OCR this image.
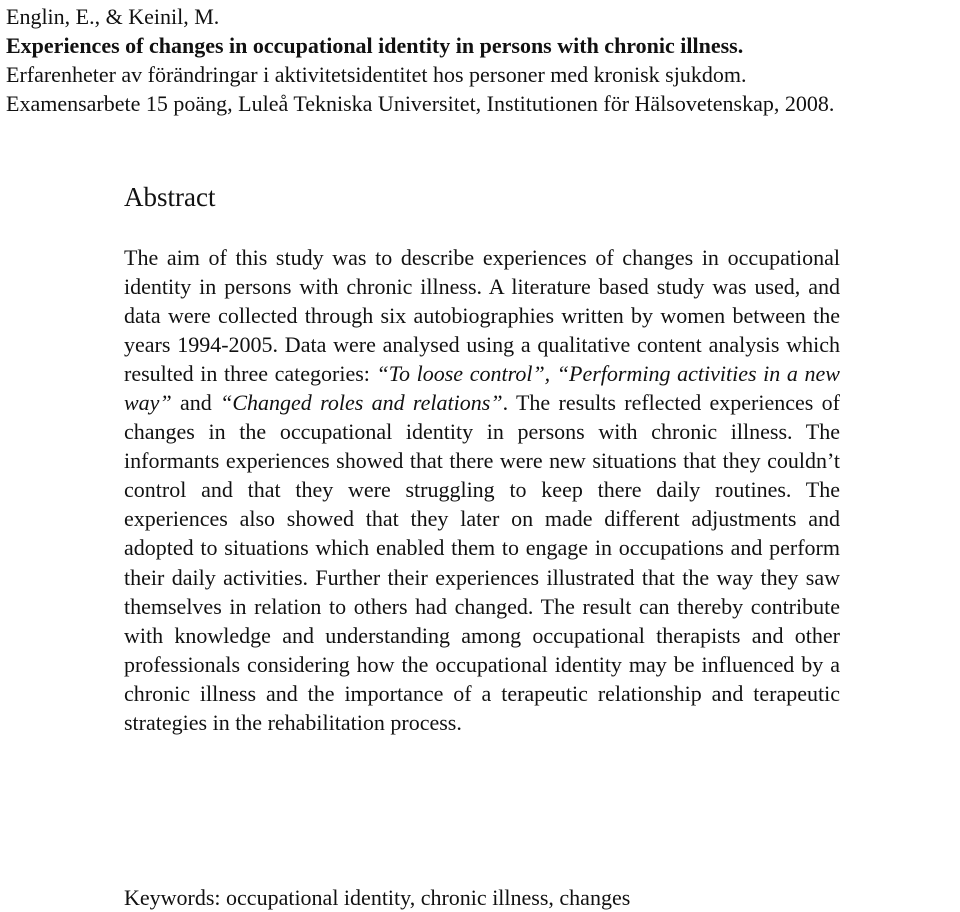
Englin, E., & Keinil, M.
Experiences of changes in occupational identity in persons with chronic illness.
Erfarenheter av förändringar i aktivitetsidentitet hos personer med kronisk sjukdom.
Examensarbete 15 poäng, Luleå Tekniska Universitet, Institutionen för Hälsovetenskap, 2008.
Abstract

The aim of this study was to describe experiences of changes in occupational identity in persons with chronic illness. A literature based study was used, and data were collected through six autobiographies written by women between the years 1994-2005. Data were analysed using a qualitative content analysis which resulted in three categories: “To loose control”, “Performing activities in a new way” and “Changed roles and relations”. The results reflected experiences of changes in the occupational identity in persons with chronic illness. The informants experiences showed that there were new situations that they couldn’t control and that they were struggling to keep there daily routines. The experiences also showed that they later on made different adjustments and adopted to situations which enabled them to engage in occupations and perform their daily activities. Further their experiences illustrated that the way they saw themselves in relation to others had changed. The result can thereby contribute with knowledge and understanding among occupational therapists and other professionals considering how the occupational identity may be influenced by a chronic illness and the importance of a terapeutic relationship and terapeutic strategies in the rehabilitation process.

Keywords: occupational identity, chronic illness, changes
